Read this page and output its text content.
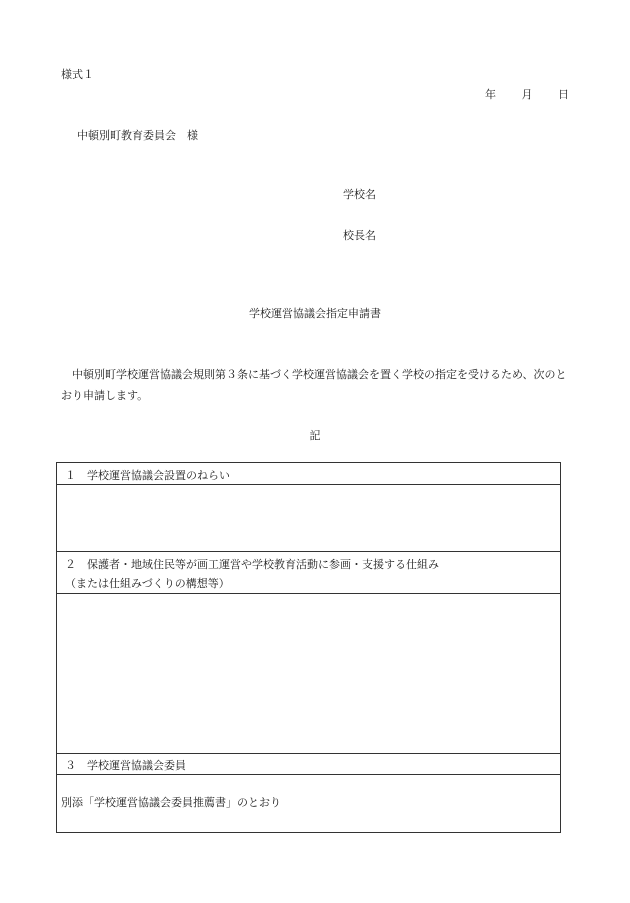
様式１
年 月 日
中頓別町教育委員会　様
学校名
校長名
学校運営協議会指定申請書
中頓別町学校運営協議会規則第３条に基づく学校運営協議会を置く学校の指定を受けるため、次のとおり申請します。
記
１　学校運営協議会設置のねらい
２　保護者・地域住民等が画工運営や学校教育活動に参画・支援する仕組み
（または仕組みづくりの構想等）
３　学校運営協議会委員
別添「学校運営協議会委員推薦書」のとおり
